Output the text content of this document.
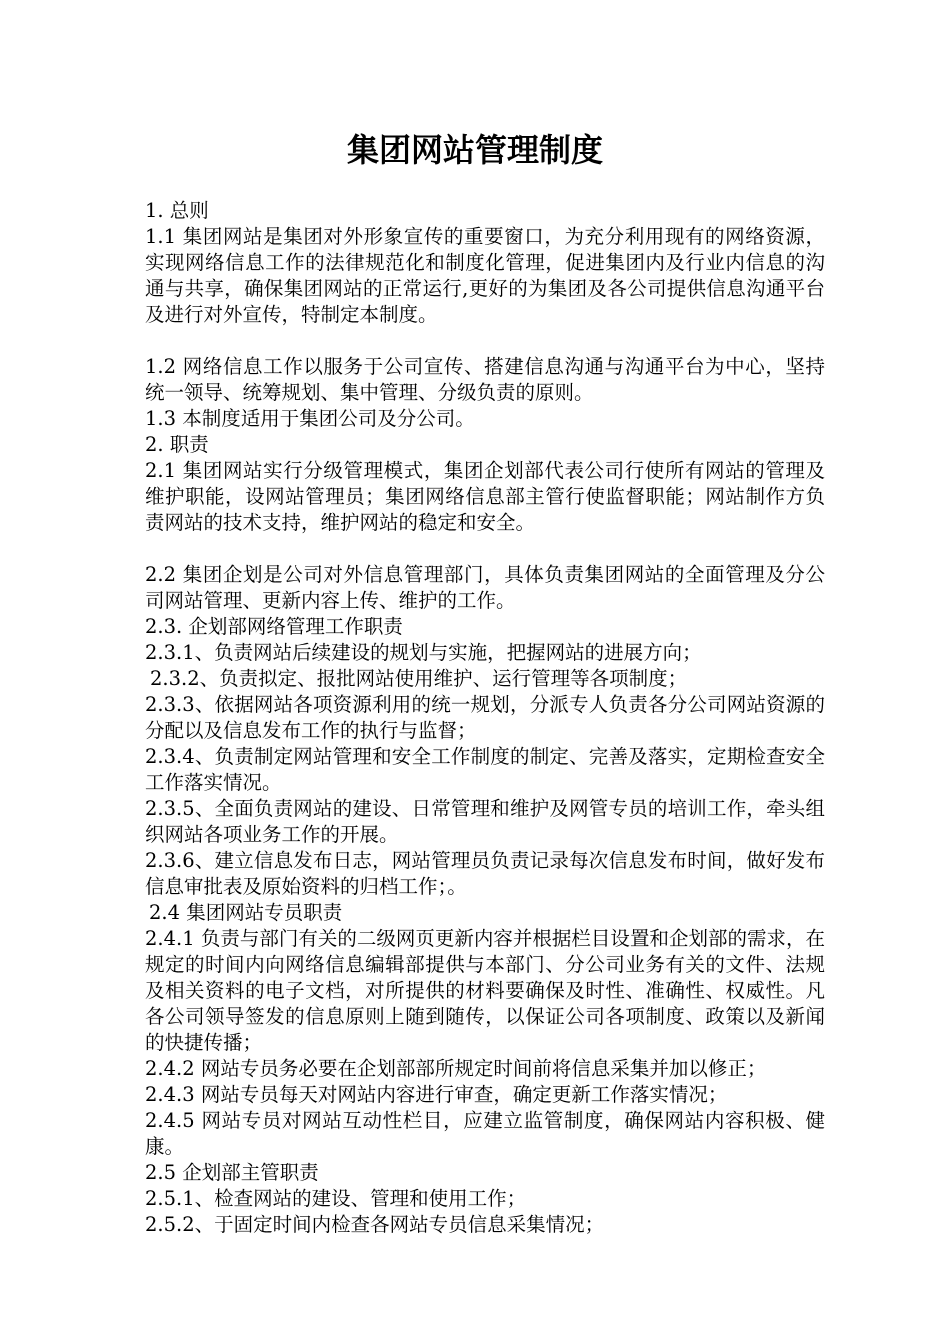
集团网站管理制度

1. 总则

1.1 集团网站是集团对外形象宣传的重要窗口，为充分利用现有的网络资源，实现网络信息工作的法律规范化和制度化管理，促进集团内及行业内信息的沟通与共享，确保集团网站的正常运行,更好的为集团及各公司提供信息沟通平台及进行对外宣传，特制定本制度。

1.2 网络信息工作以服务于公司宣传、搭建信息沟通与沟通平台为中心，坚持统一领导、统筹规划、集中管理、分级负责的原则。

1.3 本制度适用于集团公司及分公司。

2. 职责

2.1 集团网站实行分级管理模式，集团企划部代表公司行使所有网站的管理及维护职能，设网站管理员；集团网络信息部主管行使监督职能；网站制作方负责网站的技术支持，维护网站的稳定和安全。

2.2 集团企划是公司对外信息管理部门，具体负责集团网站的全面管理及分公司网站管理、更新内容上传、维护的工作。

2.3. 企划部网络管理工作职责

2.3.1、负责网站后续建设的规划与实施，把握网站的进展方向；

2.3.2、负责拟定、报批网站使用维护、运行管理等各项制度；

2.3.3、依据网站各项资源利用的统一规划，分派专人负责各分公司网站资源的分配以及信息发布工作的执行与监督；

2.3.4、负责制定网站管理和安全工作制度的制定、完善及落实，定期检查安全工作落实情况。

2.3.5、全面负责网站的建设、日常管理和维护及网管专员的培训工作，牵头组织网站各项业务工作的开展。

2.3.6、建立信息发布日志，网站管理员负责记录每次信息发布时间，做好发布信息审批表及原始资料的归档工作；。

2.4 集团网站专员职责

2.4.1 负责与部门有关的二级网页更新内容并根据栏目设置和企划部的需求，在规定的时间内向网络信息编辑部提供与本部门、分公司业务有关的文件、法规及相关资料的电子文档，对所提供的材料要确保及时性、准确性、权威性。凡各公司领导签发的信息原则上随到随传，以保证公司各项制度、政策以及新闻的快捷传播；

2.4.2 网站专员务必要在企划部部所规定时间前将信息采集并加以修正；

2.4.3 网站专员每天对网站内容进行审查，确定更新工作落实情况；

2.4.5 网站专员对网站互动性栏目，应建立监管制度，确保网站内容积极、健康。

2.5 企划部主管职责

2.5.1、检查网站的建设、管理和使用工作；

2.5.2、于固定时间内检查各网站专员信息采集情况；
